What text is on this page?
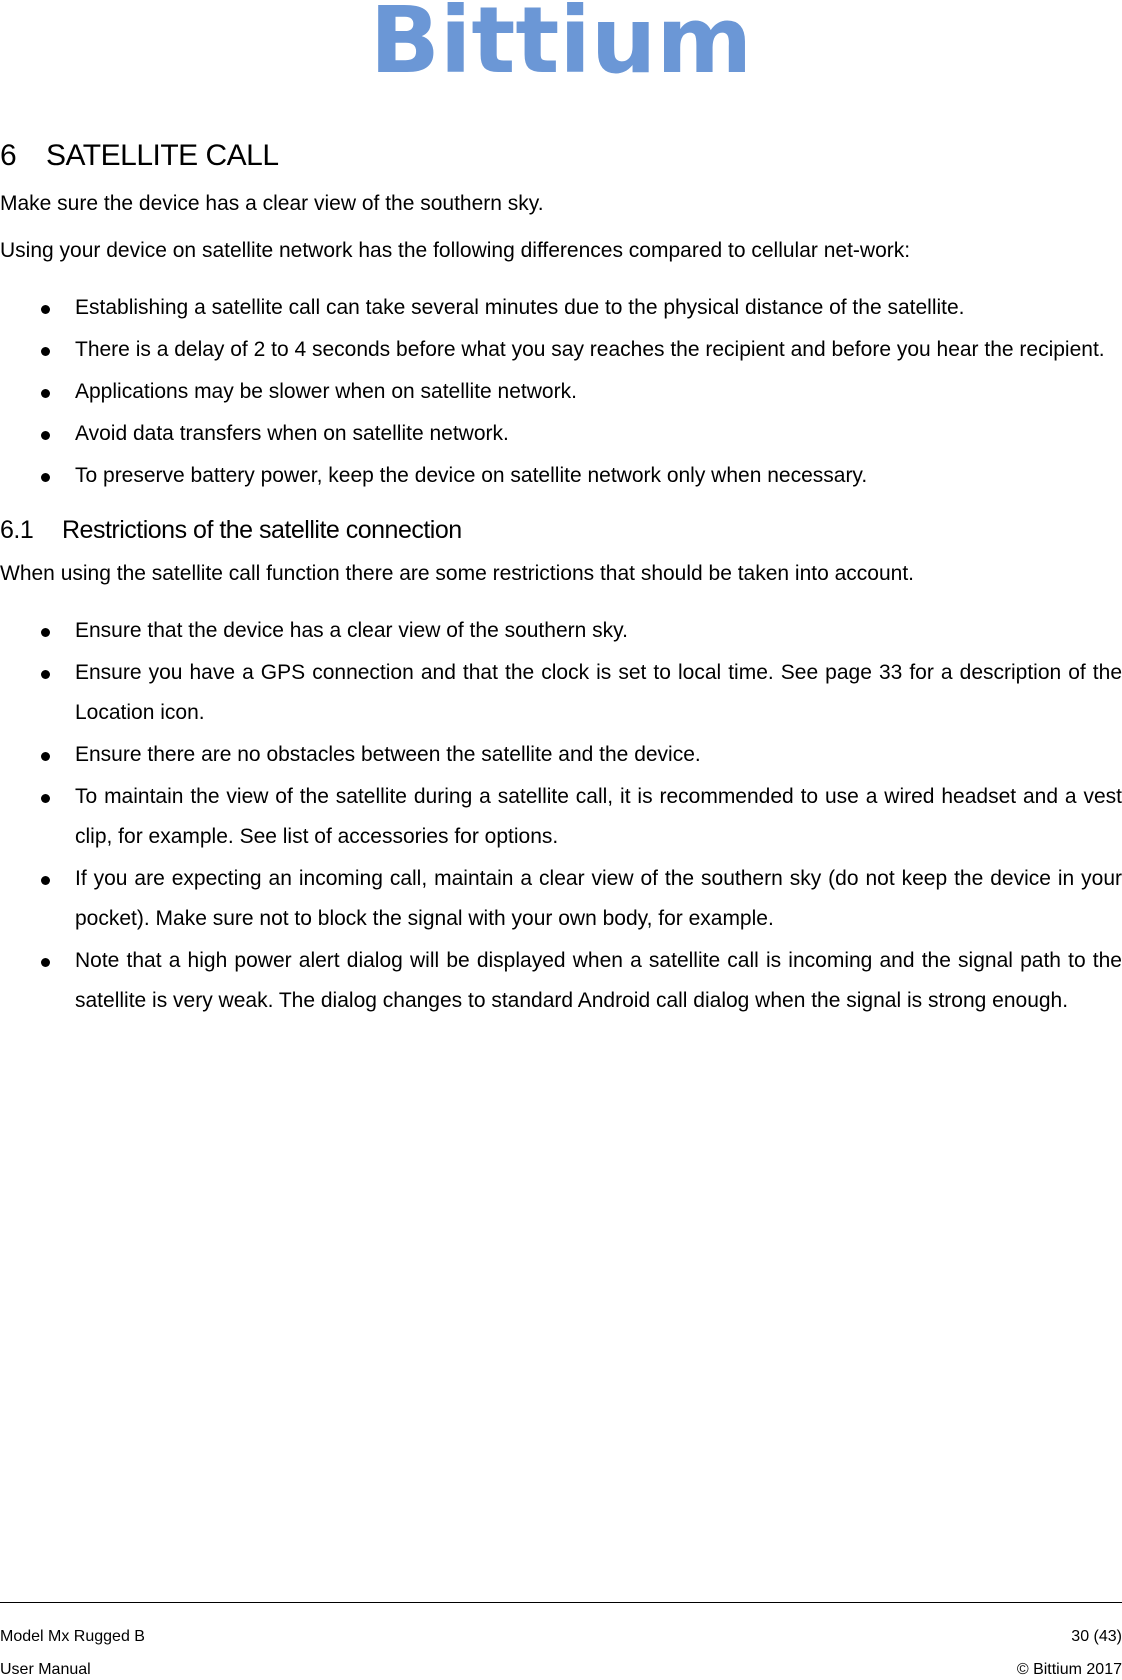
Bittium
6 SATELLITE CALL

Make sure the device has a clear view of the southern sky.

Using your device on satellite network has the following differences compared to cellular net-work:

Establishing a satellite call can take several minutes due to the physical distance of the satellite.
There is a delay of 2 to 4 seconds before what you say reaches the recipient and before you hear the recipient.
Applications may be slower when on satellite network.
Avoid data transfers when on satellite network.
To preserve battery power, keep the device on satellite network only when necessary.
6.1 Restrictions of the satellite connection

When using the satellite call function there are some restrictions that should be taken into account.

Ensure that the device has a clear view of the southern sky.
Ensure you have a GPS connection and that the clock is set to local time. See page 33 for a description of the Location icon.
Ensure there are no obstacles between the satellite and the device.
To maintain the view of the satellite during a satellite call, it is recommended to use a wired headset and a vest clip, for example. See list of accessories for options.
If you are expecting an incoming call, maintain a clear view of the southern sky (do not keep the device in your pocket). Make sure not to block the signal with your own body, for example.
Note that a high power alert dialog will be displayed when a satellite call is incoming and the signal path to the satellite is very weak. The dialog changes to standard Android call dialog when the signal is strong enough.
Model Mx Rugged B	30 (43)
User Manual	© Bittium 2017
